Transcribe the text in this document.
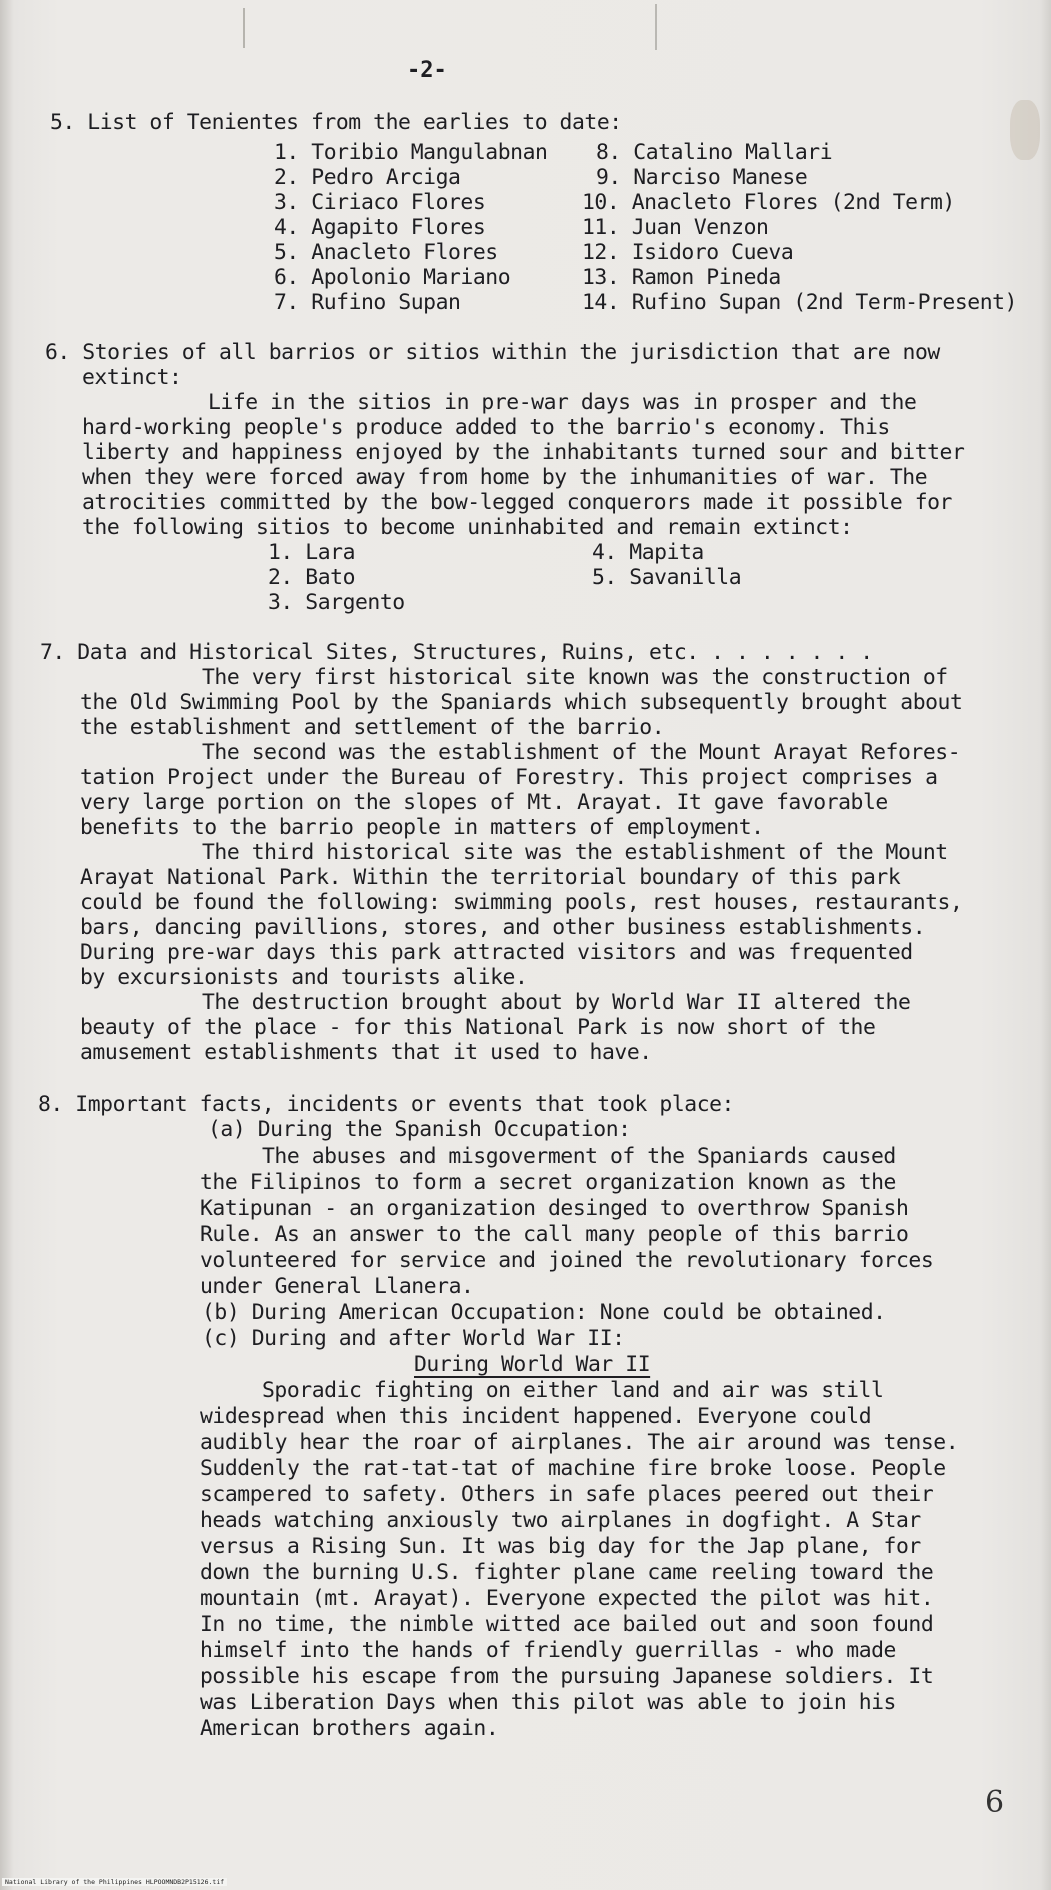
-2-
5. List of Tenientes from the earlies to date:
1. Toribio Mangulabnan
2. Pedro Arciga
3. Ciriaco Flores
4. Agapito Flores
5. Anacleto Flores
6. Apolonio Mariano
7. Rufino Supan
8. Catalino Mallari
9. Narciso Manese
10. Anacleto Flores (2nd Term)
11. Juan Venzon
12. Isidoro Cueva
13. Ramon Pineda
14. Rufino Supan (2nd Term-Present)
6. Stories of all barrios or sitios within the jurisdiction that are now
extinct:
Life in the sitios in pre-war days was in prosper and the
hard-working people's produce added to the barrio's economy. This
liberty and happiness enjoyed by the inhabitants turned sour and bitter
when they were forced away from home by the inhumanities of war. The
atrocities committed by the bow-legged conquerors made it possible for
the following sitios to become uninhabited and remain extinct:
1. Lara
2. Bato
3. Sargento
4. Mapita
5. Savanilla
7. Data and Historical Sites, Structures, Ruins, etc. . . . . . . .
The very first historical site known was the construction of
the Old Swimming Pool by the Spaniards which subsequently brought about
the establishment and settlement of the barrio.
The second was the establishment of the Mount Arayat Refores-
tation Project under the Bureau of Forestry. This project comprises a
very large portion on the slopes of Mt. Arayat. It gave favorable
benefits to the barrio people in matters of employment.
The third historical site was the establishment of the Mount
Arayat National Park. Within the territorial boundary of this park
could be found the following: swimming pools, rest houses, restaurants,
bars, dancing pavillions, stores, and other business establishments.
During pre-war days this park attracted visitors and was frequented
by excursionists and tourists alike.
The destruction brought about by World War II altered the
beauty of the place - for this National Park is now short of the
amusement establishments that it used to have.
8. Important facts, incidents or events that took place:
(a) During the Spanish Occupation:
The abuses and misgoverment of the Spaniards caused
the Filipinos to form a secret organization known as the
Katipunan - an organization desinged to overthrow Spanish
Rule. As an answer to the call many people of this barrio
volunteered for service and joined the revolutionary forces
under General Llanera.
(b) During American Occupation: None could be obtained.
(c) During and after World War II:
During World War II
Sporadic fighting on either land and air was still
widespread when this incident happened. Everyone could
audibly hear the roar of airplanes. The air around was tense.
Suddenly the rat-tat-tat of machine fire broke loose. People
scampered to safety. Others in safe places peered out their
heads watching anxiously two airplanes in dogfight. A Star
versus a Rising Sun. It was big day for the Jap plane, for
down the burning U.S. fighter plane came reeling toward the
mountain (mt. Arayat). Everyone expected the pilot was hit.
In no time, the nimble witted ace bailed out and soon found
himself into the hands of friendly guerrillas - who made
possible his escape from the pursuing Japanese soldiers. It
was Liberation Days when this pilot was able to join his
American brothers again.
6
National Library of the Philippines HLPOOMNDB2P15126.tif
